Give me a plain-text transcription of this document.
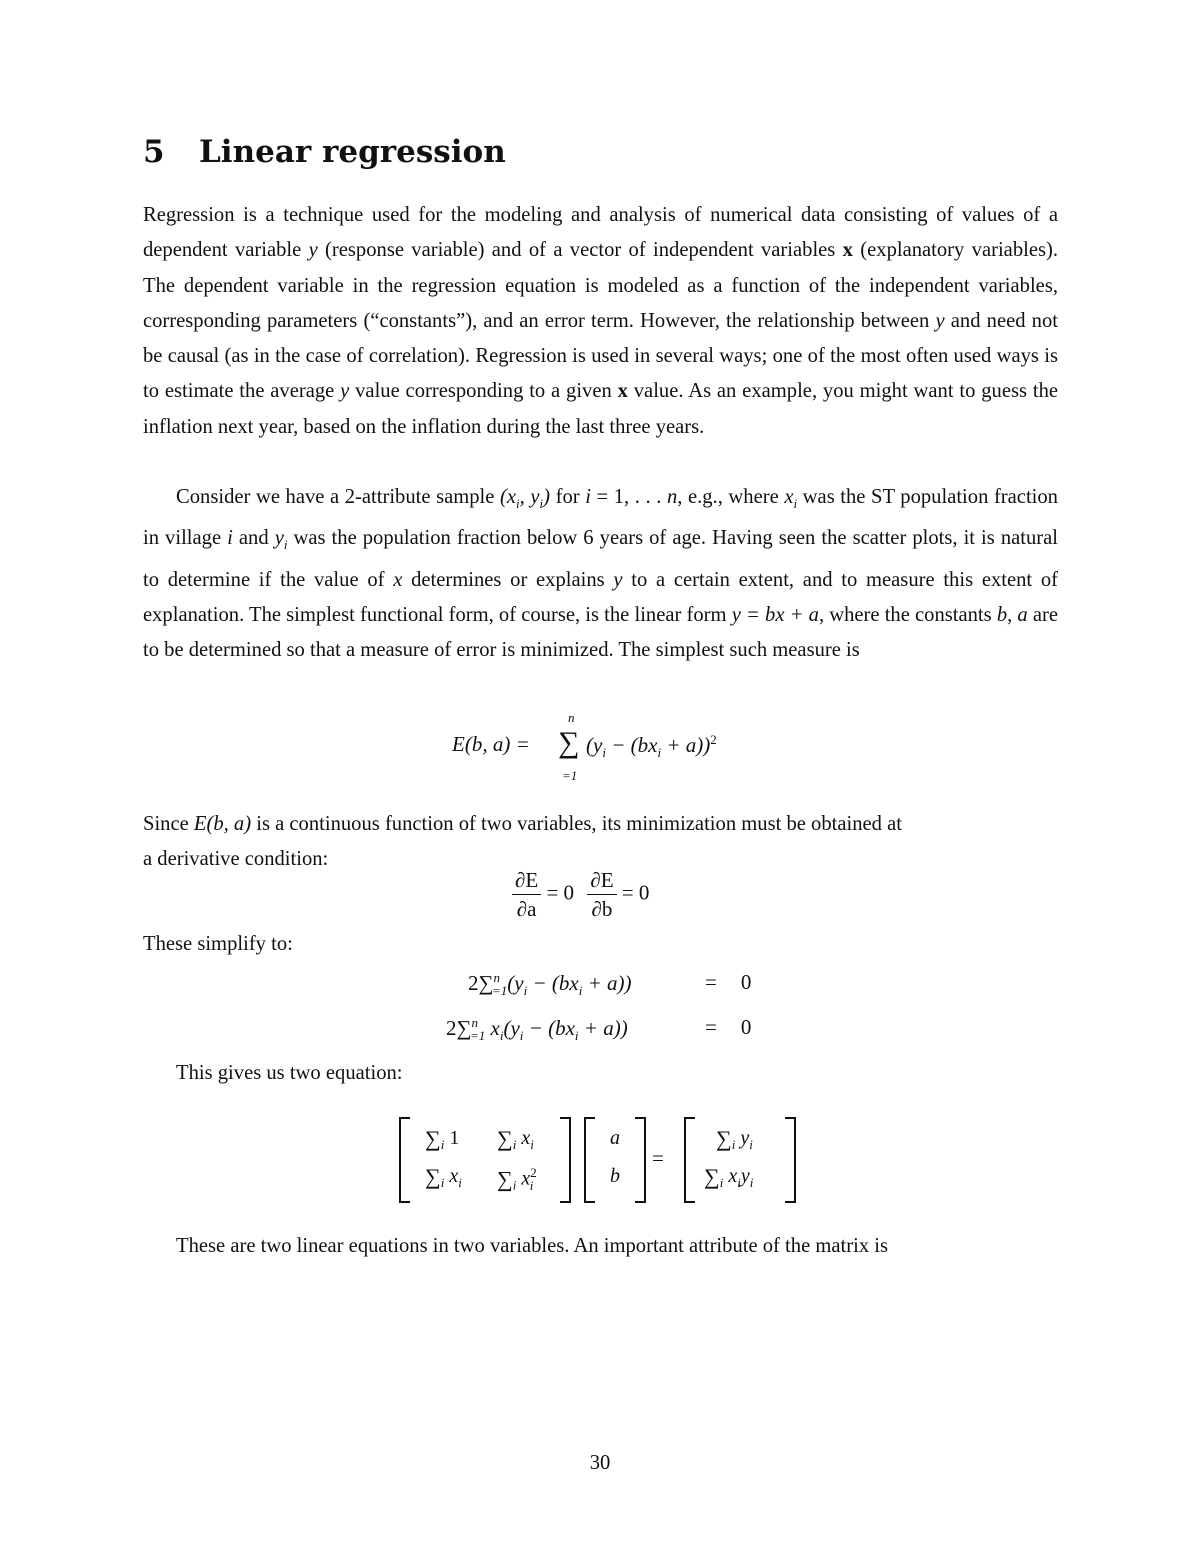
5 Linear regression

Regression is a technique used for the modeling and analysis of numerical data consisting of values of a dependent variable y (response variable) and of a vector of independent variables x (explanatory variables). The dependent variable in the regression equation is modeled as a function of the independent variables, corresponding parameters (“constants”), and an error term. However, the relationship between y and need not be causal (as in the case of correlation). Regression is used in several ways; one of the most often used ways is to estimate the average y value corresponding to a given x value. As an example, you might want to guess the inflation next year, based on the inflation during the last three years.

Consider we have a 2-attribute sample ($x_i$, $y_i$) for i = 1, . . . n, e.g., where $x_i$ was the ST population fraction in village i and $y_i$ was the population fraction below 6 years of age. Having seen the scatter plots, it is natural to determine if the value of x determines or explains y to a certain extent, and to measure this extent of explanation. The simplest functional form, of course, is the linear form y = bx + a, where the constants b, a are to be determined so that a measure of error is minimized. The simplest such measure is

E(b, a) =
n
∑
=1
$(y_i - (bx_i + a))^2$

Since E(b, a) is a continuous function of two variables, its minimization must be obtained at
a derivative condition:

$\frac{\partial E}{\partial a} = 0 \frac{\partial E}{\partial b} = 0$

These simplify to:

$2\sum^n_{=1}(y_i - (bx_i + a))$	= 0
2∑$^n_{=1}$ $x_i(y_i - (bx_i + a))$	= 0

This gives us two equation:

$\sum_i$ 1 $\sum_i$ $x_i$
$\sum_i$ $x_i$ $\sum_i$ $x^2_i$
a
b
=
$\sum_i$ $y_i$
$\sum_i$ $x_iy_i$

These are two linear equations in two variables. An important attribute of the matrix is

30
